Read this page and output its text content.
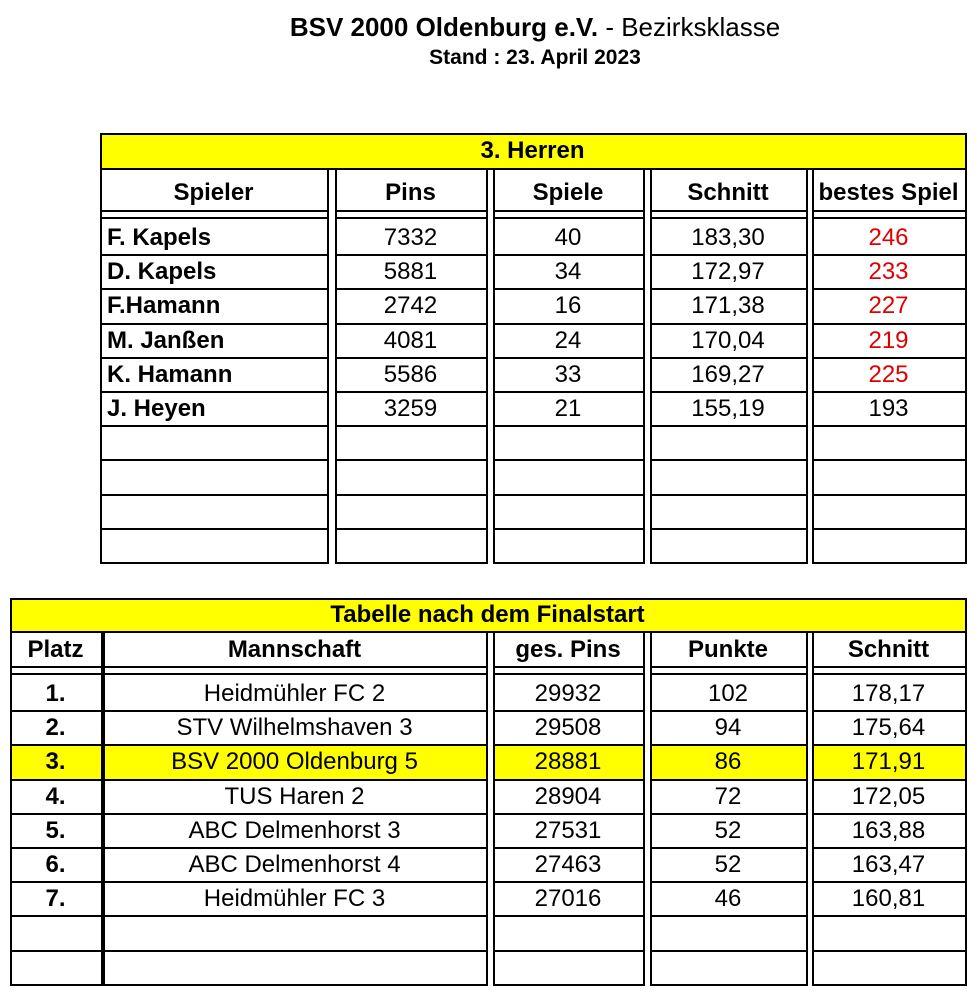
BSV 2000 Oldenburg e.V. - Bezirksklasse
Stand : 23. April 2023
3. Herren
Spieler	Pins	Spiele	Schnitt	bestes Spiel
F. Kapels	7332	40	183,30	246
D. Kapels	5881	34	172,97	233
F.Hamann	2742	16	171,38	227
M. Janßen	4081	24	170,04	219
K. Hamann	5586	33	169,27	225
J. Heyen	3259	21	155,19	193
Tabelle nach dem Finalstart
Platz	Mannschaft	ges. Pins	Punkte	Schnitt
1.	Heidmühler FC 2	29932	102	178,17
2.	STV Wilhelmshaven 3	29508	94	175,64
3.	BSV 2000 Oldenburg 5	28881	86	171,91
4.	TUS Haren 2	28904	72	172,05
5.	ABC Delmenhorst 3	27531	52	163,88
6.	ABC Delmenhorst 4	27463	52	163,47
7.	Heidmühler FC 3	27016	46	160,81
